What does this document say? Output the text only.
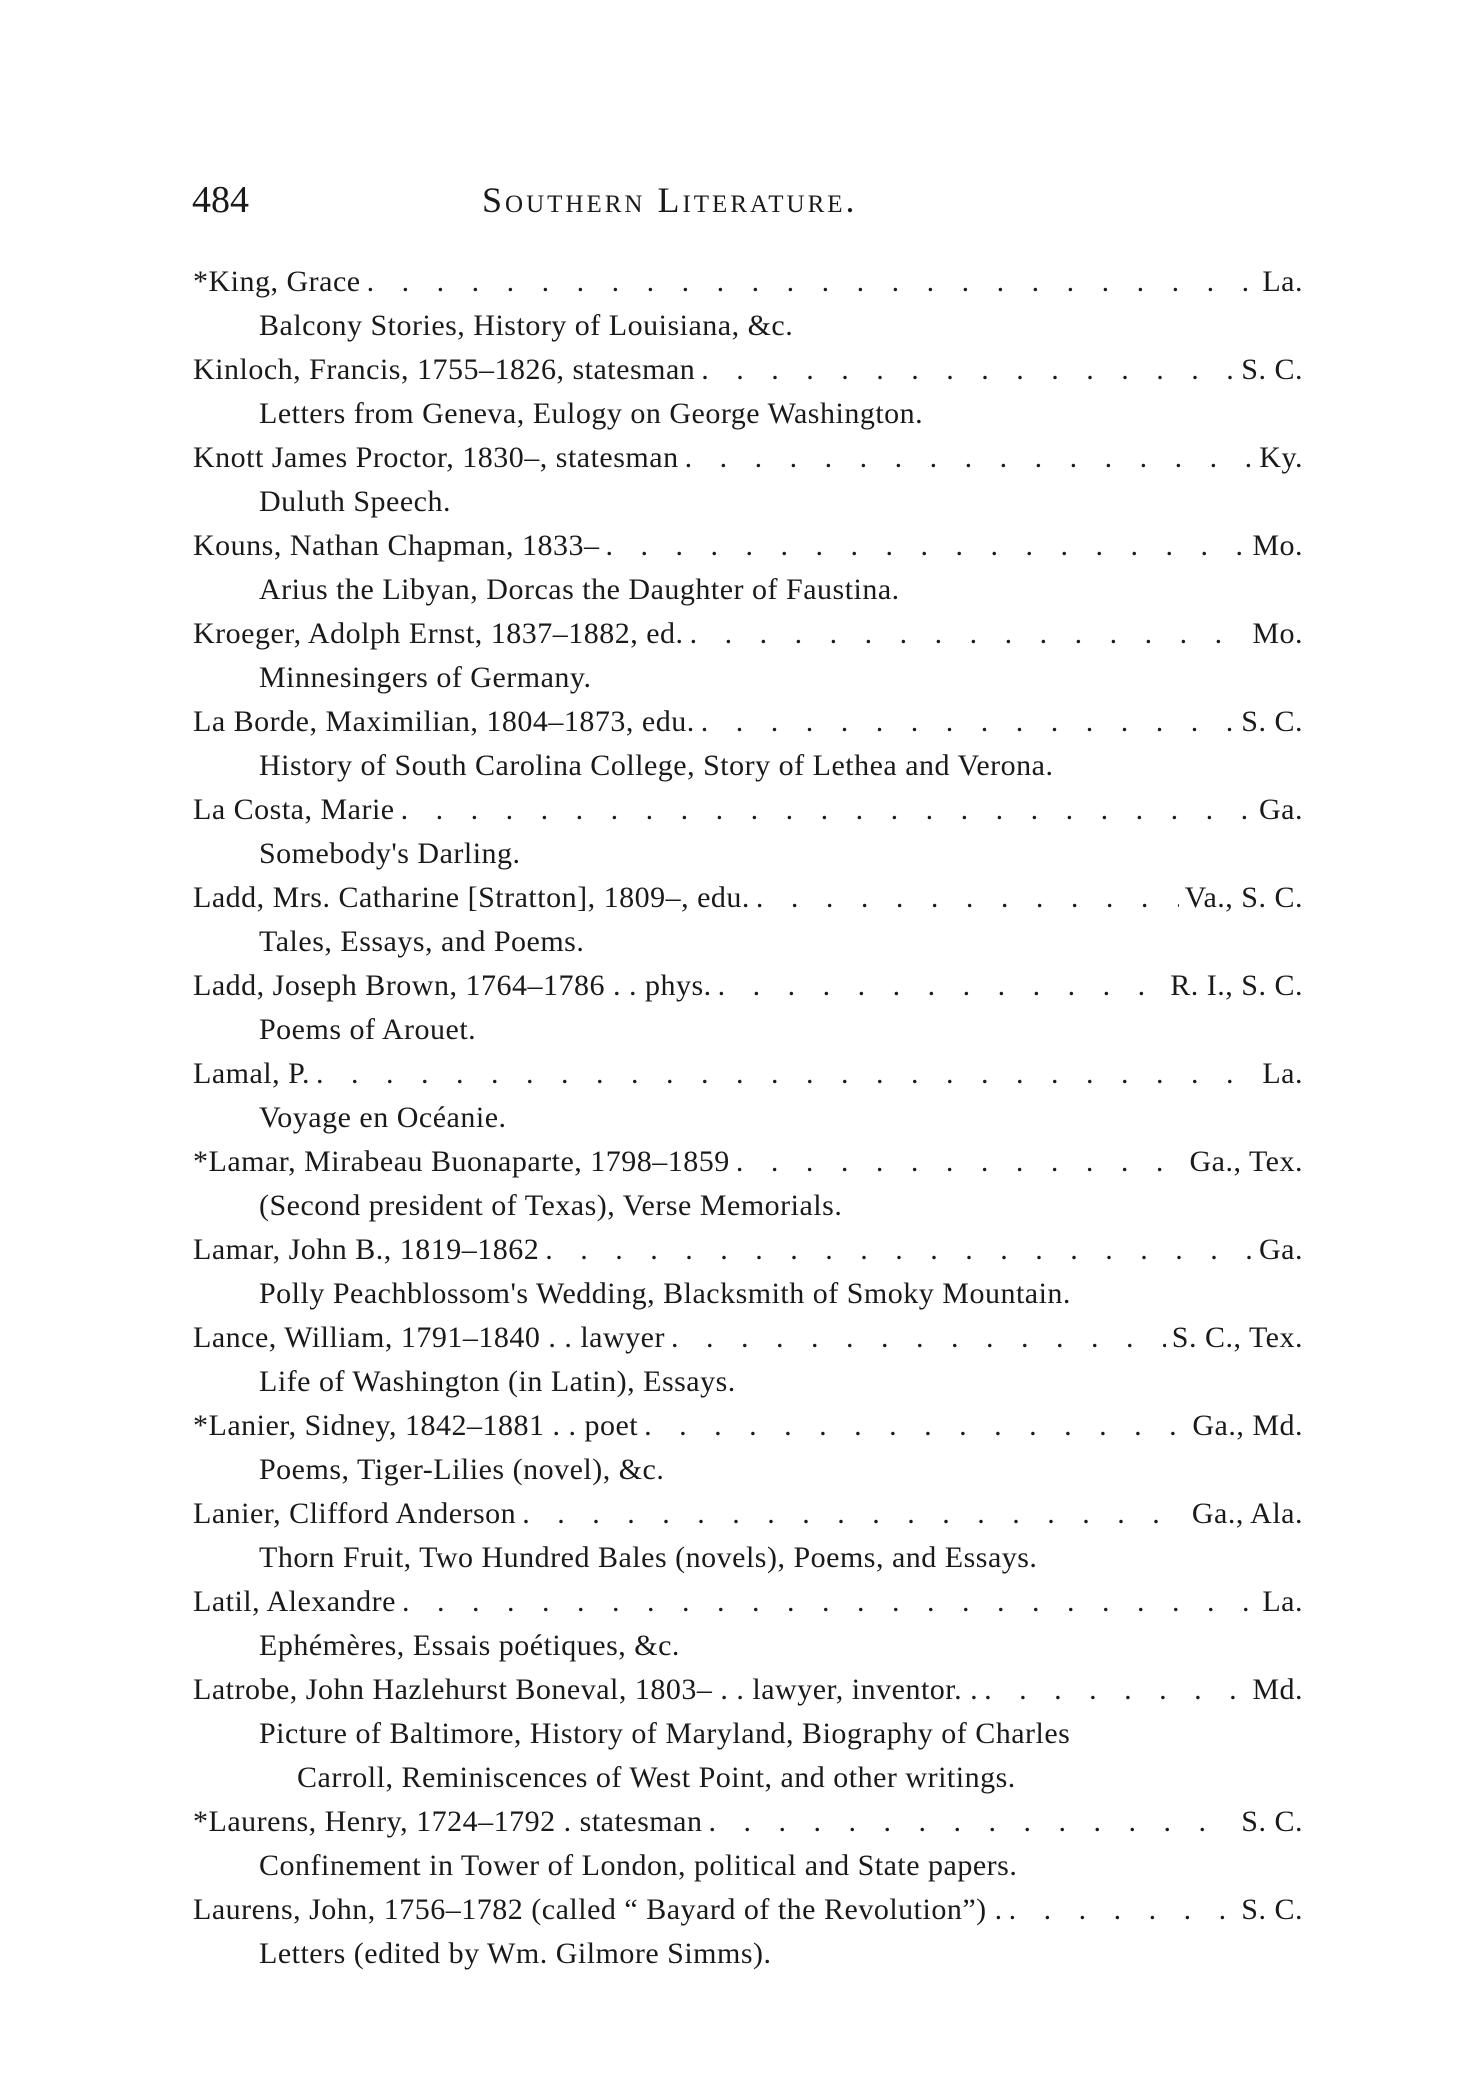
484	Southern Literature.
*King, Grace . . .	La.
Balcony Stories, History of Louisiana, &c.
Kinloch, Francis, 1755–1826, statesman . . .	S. C.
Letters from Geneva, Eulogy on George Washington.
Knott James Proctor, 1830–, statesman . . .	Ky.
Duluth Speech.
Kouns, Nathan Chapman, 1833– . . .	Mo.
Arius the Libyan, Dorcas the Daughter of Faustina.
Kroeger, Adolph Ernst, 1837–1882, ed. . . .	Mo.
Minnesingers of Germany.
La Borde, Maximilian, 1804–1873, edu. . . .	S. C.
History of South Carolina College, Story of Lethea and Verona.
La Costa, Marie . . .	Ga.
Somebody's Darling.
Ladd, Mrs. Catharine [Stratton], 1809–, edu. . . .	Va., S. C.
Tales, Essays, and Poems.
Ladd, Joseph Brown, 1764–1786 . . phys. . . .	R. I., S. C.
Poems of Arouet.
Lamal, P. . . .	La.
Voyage en Océanie.
*Lamar, Mirabeau Buonaparte, 1798–1859 . . .	Ga., Tex.
(Second president of Texas), Verse Memorials.
Lamar, John B., 1819–1862 . . .	Ga.
Polly Peachblossom's Wedding, Blacksmith of Smoky Mountain.
Lance, William, 1791–1840 . . lawyer . . .	S. C., Tex.
Life of Washington (in Latin), Essays.
*Lanier, Sidney, 1842–1881 . . poet . . .	Ga., Md.
Poems, Tiger-Lilies (novel), &c.
Lanier, Clifford Anderson . . .	Ga., Ala.
Thorn Fruit, Two Hundred Bales (novels), Poems, and Essays.
Latil, Alexandre . . .	La.
Ephémères, Essais poétiques, &c.
Latrobe, John Hazlehurst Boneval, 1803– . . lawyer, inventor. . . . .	Md.
Picture of Baltimore, History of Maryland, Biography of Charles
Carroll, Reminiscences of West Point, and other writings.
*Laurens, Henry, 1724–1792 . statesman . . .	S. C.
Confinement in Tower of London, political and State papers.
Laurens, John, 1756–1782 (called “ Bayard of the Revolution”) . . . .	S. C.
Letters (edited by Wm. Gilmore Simms).
